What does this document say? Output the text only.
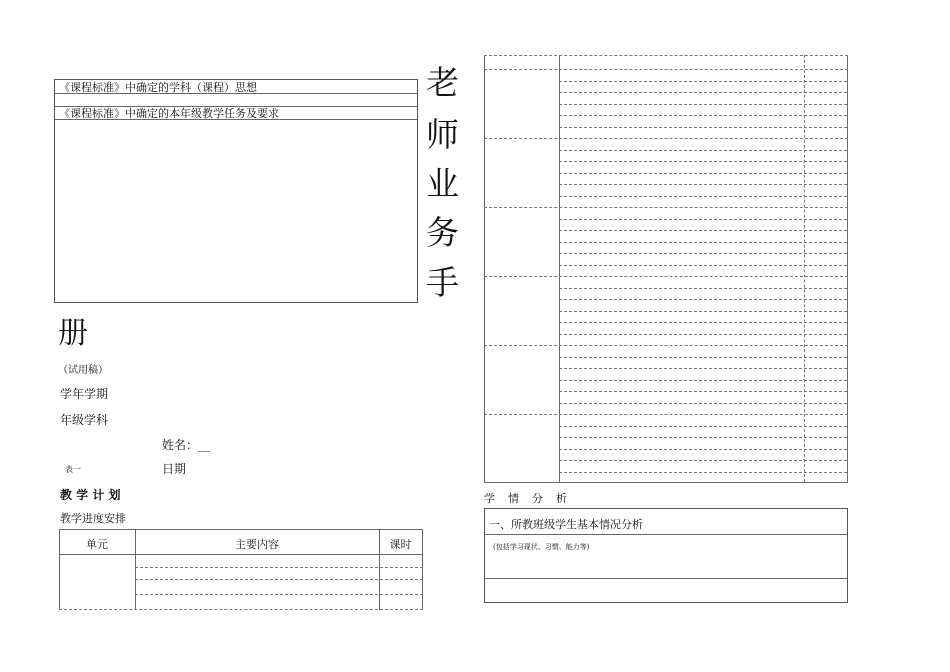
《课程标准》中确定的学科（课程）思想
《课程标准》中确定的本年级教学任务及要求
老
师
业
务
手
册
（试用稿）
学年学期
年级学科
姓名：__
表一	日期
教 学 计 划
教学进度安排
单元	主要内容	课时
学　情　分　析
一、所教班级学生基本情况分析
(包括学习现状、习惯、能力等)
